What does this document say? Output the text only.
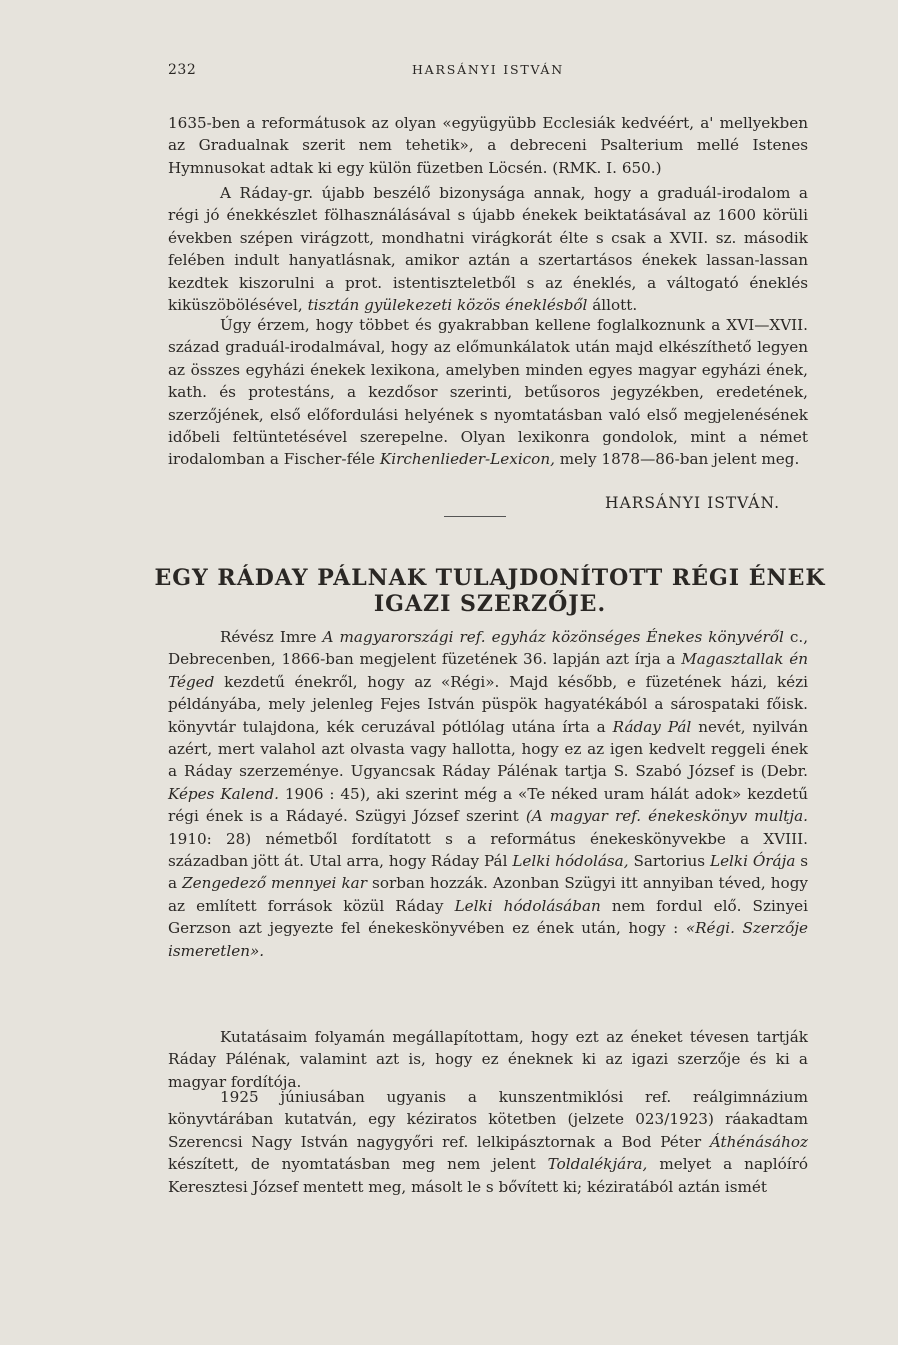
232	HARSÁNYI ISTVÁN

1635-ben a reformátusok az olyan «együgyübb Ecclesiák kedvéért, a' mellyekben az Gradualnak szerit nem tehetik», a debreceni Psalterium mellé Istenes Hymnusokat adtak ki egy külön füzetben Löcsén. (RMK. I. 650.)

A Ráday-gr. újabb beszélő bizonysága annak, hogy a graduál-irodalom a régi jó énekkészlet fölhasználásával s újabb énekek beiktatásával az 1600 körüli években szépen virágzott, mondhatni virágkorát élte s csak a XVII. sz. második felében indult hanyatlásnak, amikor aztán a szertartásos énekek lassan-lassan kezdtek kiszorulni a prot. istentiszteletből s az éneklés, a váltogató éneklés kiküszöbölésével, tisztán gyülekezeti közös éneklésből állott.

Úgy érzem, hogy többet és gyakrabban kellene foglalkoznunk a XVI—XVII. század graduál-irodalmával, hogy az előmunkálatok után majd elkészíthető legyen az összes egyházi énekek lexikona, amelyben minden egyes magyar egyházi ének, kath. és protestáns, a kezdősor szerinti, betűsoros jegyzékben, eredetének, szerzőjének, első előfordulási helyének s nyomtatásban való első megjelenésének időbeli feltüntetésével szerepelne. Olyan lexikonra gondolok, mint a német irodalomban a Fischer-féle Kirchenlieder-Lexicon, mely 1878—86-ban jelent meg.

HARSÁNYI ISTVÁN.
EGY RÁDAY PÁLNAK TULAJDONÍTOTT RÉGI ÉNEK
IGAZI SZERZŐJE.

Révész Imre A magyarországi ref. egyház közönséges Énekes könyvéről c., Debrecenben, 1866-ban megjelent füzetének 36. lapján azt írja a Magasztallak én Téged kezdetű énekről, hogy az «Régi». Majd később, e füzetének házi, kézi példányába, mely jelenleg Fejes István püspök hagyatékából a sárospataki főisk. könyvtár tulajdona, kék ceruzával pótlólag utána írta a Ráday Pál nevét, nyilván azért, mert valahol azt olvasta vagy hallotta, hogy ez az igen kedvelt reggeli ének a Ráday szerzeménye. Ugyancsak Ráday Pálénak tartja S. Szabó József is (Debr. Képes Kalend. 1906 : 45), aki szerint még a «Te néked uram hálát adok» kezdetű régi ének is a Rádayé. Szügyi József szerint (A magyar ref. énekeskönyv multja. 1910: 28) németből fordítatott s a református énekeskönyvekbe a XVIII. században jött át. Utal arra, hogy Ráday Pál Lelki hódolása, Sartorius Lelki Órája s a Zengedező mennyei kar sorban hozzák. Azonban Szügyi itt annyiban téved, hogy az említett források közül Ráday Lelki hódolásában nem fordul elő. Szinyei Gerzson azt jegyezte fel énekeskönyvében ez ének után, hogy : «Régi. Szerzője ismeretlen».

Kutatásaim folyamán megállapítottam, hogy ezt az éneket tévesen tartják Ráday Pálénak, valamint azt is, hogy ez éneknek ki az igazi szerzője és ki a magyar fordítója.

1925 júniusában ugyanis a kunszentmiklósi ref. reálgimnázium könyvtárában kutatván, egy kéziratos kötetben (jelzete 023/1923) ráakadtam Szerencsi Nagy István nagygyőri ref. lelkipásztornak a Bod Péter Áthénásához készített, de nyomtatásban meg nem jelent Toldalékjára, melyet a naplóíró Keresztesi József mentett meg, másolt le s bővített ki; kéziratából aztán ismét
